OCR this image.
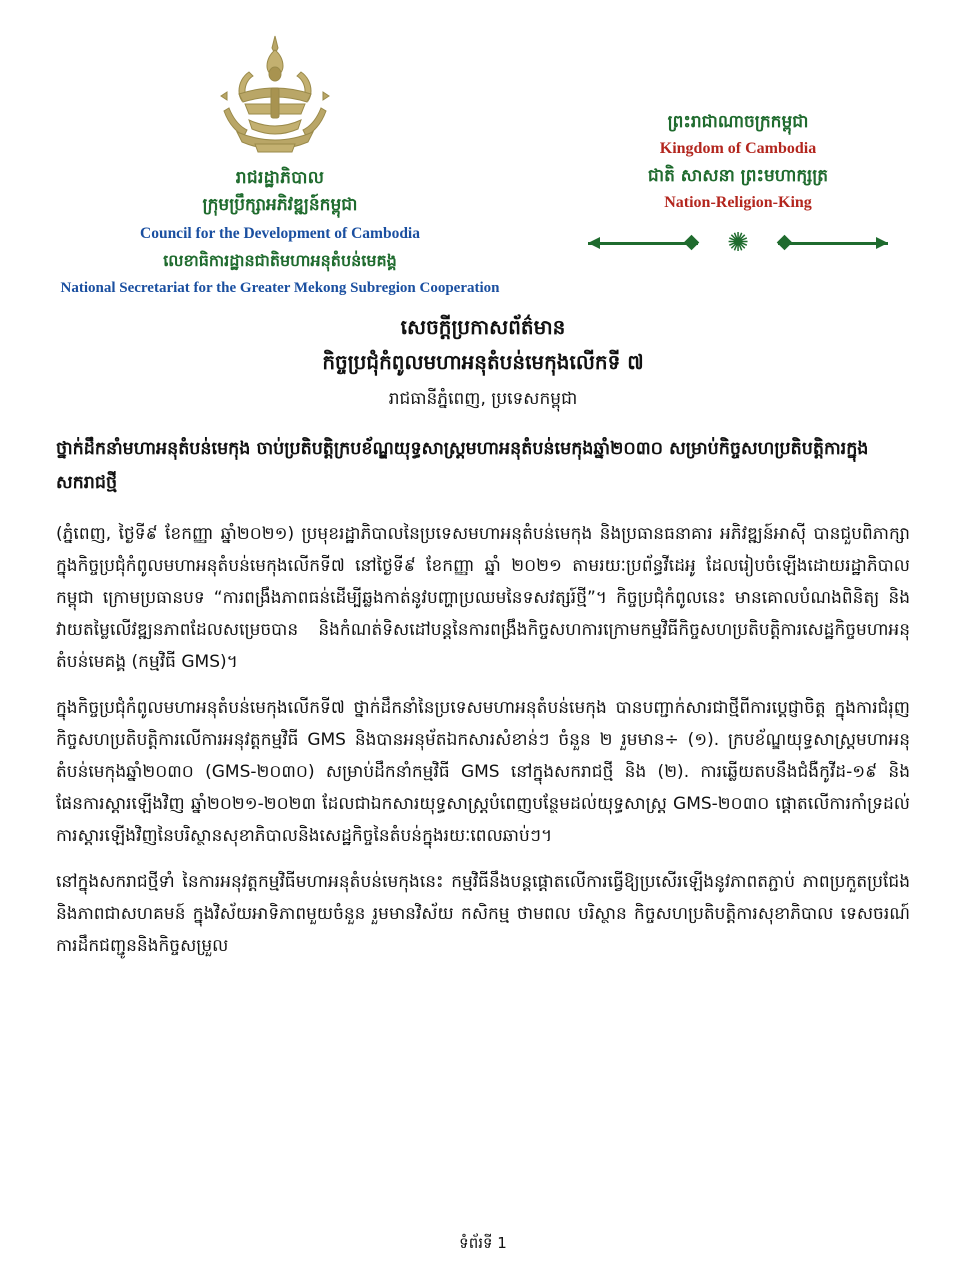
រាជរដ្ឋាភិបាល
ក្រុមប្រឹក្សាអភិវឌ្ឍន៍កម្ពុជា
Council for the Development of Cambodia
លេខាធិការដ្ឋានជាតិមហាអនុតំបន់មេគង្គ
National Secretariat for the Greater Mekong Subregion Cooperation
ព្រះរាជាណាចក្រកម្ពុជា
Kingdom of Cambodia
ជាតិ សាសនា ព្រះមហាក្សត្រ
Nation-Religion-King
✺
សេចក្តីប្រកាសព័ត៌មាន
កិច្ចប្រជុំកំពូលមហាអនុតំបន់មេកុងលើកទី ៧
រាជធានីភ្នំពេញ, ប្រទេសកម្ពុជា

ថ្នាក់ដឹកនាំមហាអនុតំបន់មេកុង ចាប់ប្រតិបត្តិក្របខ័ណ្ឌយុទ្ធសាស្ត្រមហាអនុតំបន់មេកុងឆ្នាំ២០៣០ សម្រាប់កិច្ចសហប្រតិបត្តិការក្នុងសករាជថ្មី

(ភ្នំពេញ, ថ្ងៃទី៩ ខែកញ្ញា ឆ្នាំ២០២១) ប្រមុខរដ្ឋាភិបាលនៃប្រទេសមហាអនុតំបន់មេកុង និងប្រធានធនាគារ អភិវឌ្ឍន៍អាស៊ី បានជួបពិភាក្សាក្នុងកិច្ចប្រជុំកំពូលមហាអនុតំបន់មេកុងលើកទី៧ នៅថ្ងៃទី៩ ខែកញ្ញា ឆ្នាំ ២០២១ តាមរយៈប្រព័ន្ធវីដេអូ ដែលរៀបចំឡើងដោយរដ្ឋាភិបាលកម្ពុជា ក្រោមប្រធានបទ “ការពង្រឹងភាពធន់ដើម្បីឆ្លងកាត់នូវបញ្ហាប្រឈមនៃទសវត្សរ៍ថ្មី”។ កិច្ចប្រជុំកំពូលនេះ មានគោលបំណងពិនិត្យ និងវាយតម្លៃលើវឌ្ឍនភាពដែលសម្រេចបាន និងកំណត់ទិសដៅបន្តនៃការពង្រឹងកិច្ចសហការក្រោមកម្មវិធីកិច្ចសហប្រតិបត្តិការសេដ្ឋកិច្ចមហាអនុតំបន់មេគង្គ (កម្មវិធី GMS)។

ក្នុងកិច្ចប្រជុំកំពូលមហាអនុតំបន់មេកុងលើកទី៧ ថ្នាក់ដឹកនាំនៃប្រទេសមហាអនុតំបន់មេកុង បានបញ្ជាក់សារជាថ្មីពីការប្តេជ្ញាចិត្ត ក្នុងការជំរុញកិច្ចសហប្រតិបត្តិការលើការអនុវត្តកម្មវិធី GMS និងបានអនុម័តឯកសារសំខាន់ៗ ចំនួន ២ រួមមាន÷ (១). ក្របខ័ណ្ឌយុទ្ធសាស្ត្រមហាអនុតំបន់មេកុងឆ្នាំ២០៣០ (GMS-២០៣០) សម្រាប់ដឹកនាំកម្មវិធី GMS នៅក្នុងសករាជថ្មី និង (២). ការឆ្លើយតបនឹងជំងឺកូវីដ-១៩ និងផែនការស្តារឡើងវិញ ឆ្នាំ២០២១-២០២៣ ដែលជាឯកសារយុទ្ធសាស្ត្របំពេញបន្ថែមដល់យុទ្ធសាស្ត្រ GMS-២០៣០ ផ្តោតលើការកាំទ្រដល់ការស្តារឡើងវិញនៃបរិស្ថានសុខាភិបាលនិងសេដ្ឋកិច្ចនៃតំបន់ក្នុងរយៈពេលឆាប់ៗ។

នៅក្នុងសករាជថ្មីទាំ នៃការអនុវត្តកម្មវិធីមហាអនុតំបន់មេកុងនេះ កម្មវិធីនឹងបន្តផ្តោតលើការធ្វើឱ្យប្រសើរឡើងនូវភាពតភ្ជាប់ ភាពប្រកួតប្រជែង និងភាពជាសហគមន៍ ក្នុងវិស័យអាទិភាពមួយចំនួន រួមមានវិស័យ កសិកម្ម ថាមពល បរិស្ថាន កិច្ចសហប្រតិបត្តិការសុខាភិបាល ទេសចរណ៍ ការដឹកជញ្ជូននិងកិច្ចសម្រួល

ទំព័រទី 1
